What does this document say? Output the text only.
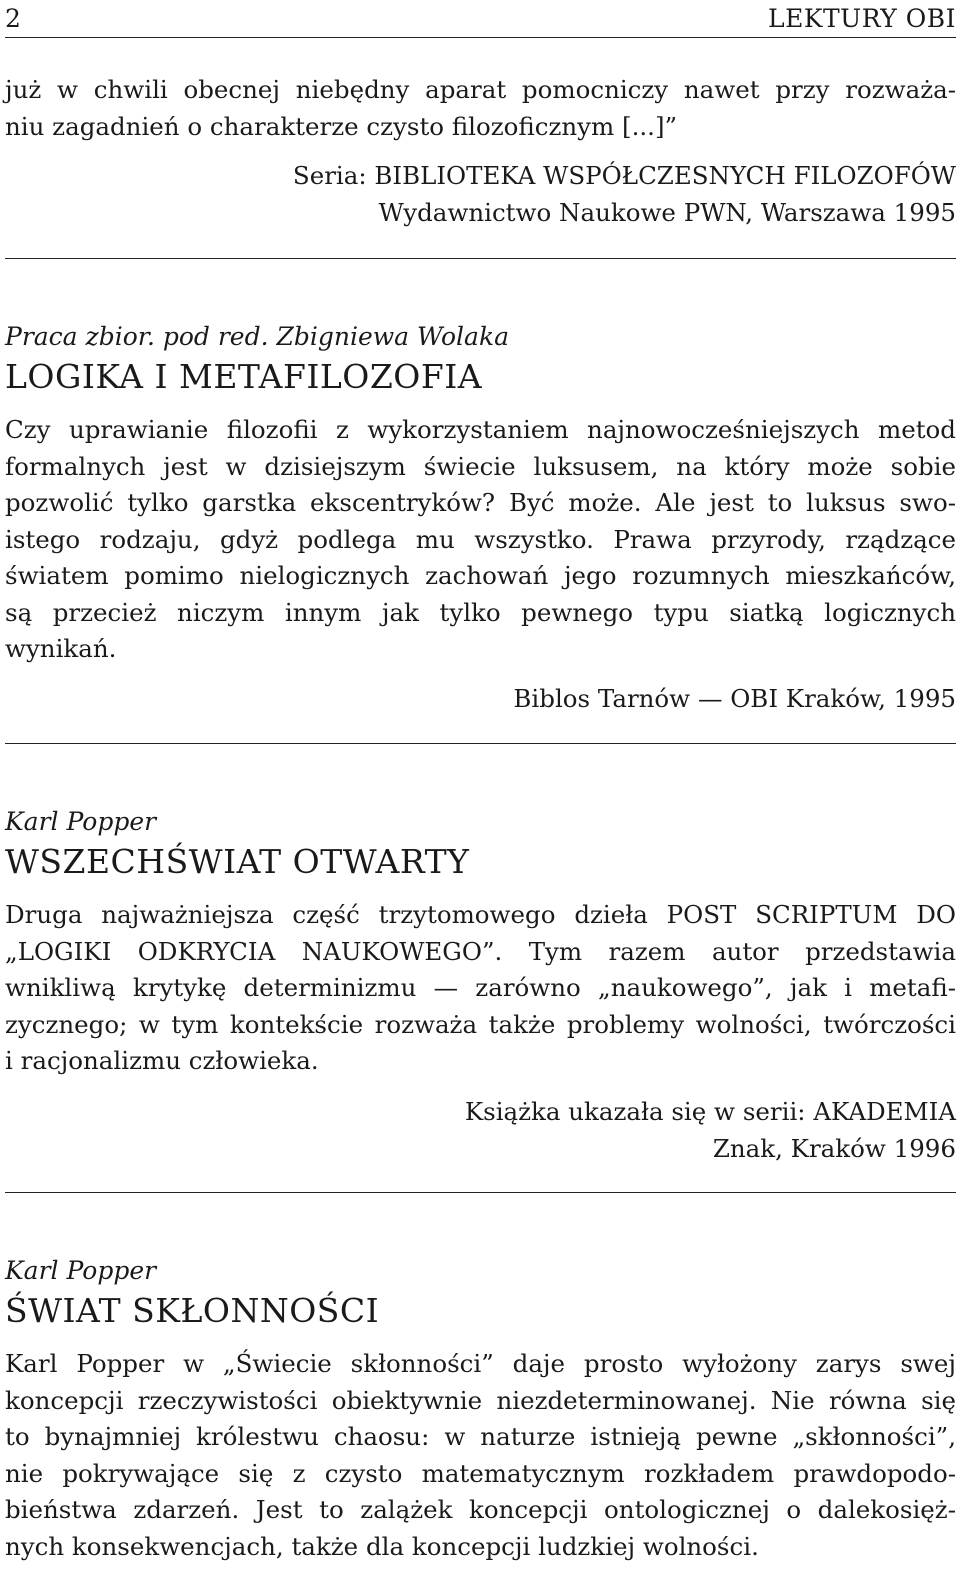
2	LEKTURY OBI
już w chwili obecnej niebędny aparat pomocniczy nawet przy rozważa-
niu zagadnień o charakterze czysto filozoficznym [...]”
Seria: BIBLIOTEKA WSPÓŁCZESNYCH FILOZOFÓW
Wydawnictwo Naukowe PWN, Warszawa 1995
Praca zbior. pod red. Zbigniewa Wolaka
LOGIKA I METAFILOZOFIA
Czy uprawianie filozofii z wykorzystaniem najnowocześniejszych metod
formalnych jest w dzisiejszym świecie luksusem, na który może sobie
pozwolić tylko garstka ekscentryków? Być może. Ale jest to luksus swo-
istego rodzaju, gdyż podlega mu wszystko. Prawa przyrody, rządzące
światem pomimo nielogicznych zachowań jego rozumnych mieszkańców,
są przecież niczym innym jak tylko pewnego typu siatką logicznych
wynikań.
Biblos Tarnów — OBI Kraków, 1995
Karl Popper
WSZECHŚWIAT OTWARTY
Druga najważniejsza część trzytomowego dzieła POST SCRIPTUM DO
„LOGIKI ODKRYCIA NAUKOWEGO”. Tym razem autor przedstawia
wnikliwą krytykę determinizmu — zarówno „naukowego”, jak i metafi-
zycznego; w tym kontekście rozważa także problemy wolności, twórczości
i racjonalizmu człowieka.
Książka ukazała się w serii: AKADEMIA
Znak, Kraków 1996
Karl Popper
ŚWIAT SKŁONNOŚCI
Karl Popper w „Świecie skłonności” daje prosto wyłożony zarys swej
koncepcji rzeczywistości obiektywnie niezdeterminowanej. Nie równa się
to bynajmniej królestwu chaosu: w naturze istnieją pewne „skłonności”,
nie pokrywające się z czysto matematycznym rozkładem prawdopodo-
bieństwa zdarzeń. Jest to zalążek koncepcji ontologicznej o dalekosięż-
nych konsekwencjach, także dla koncepcji ludzkiej wolności.
